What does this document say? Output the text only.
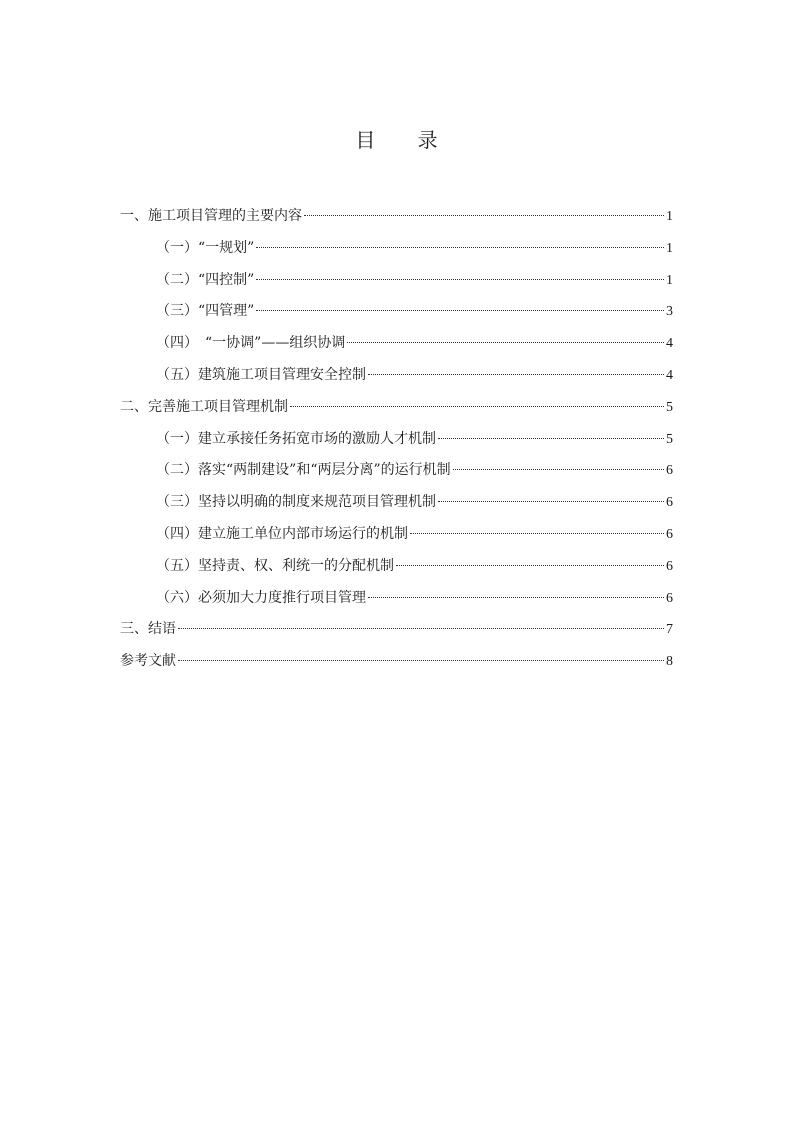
目 录
一、施工项目管理的主要内容	1
（一）“一规划”	1
（二）“四控制”	1
（三）“四管理”	3
（四）　“一协调”——组织协调	4
（五）建筑施工项目管理安全控制	4
二、完善施工项目管理机制	5
（一）建立承接任务拓宽市场的激励人才机制	5
（二）落实“两制建设”和“两层分离”的运行机制	6
（三）坚持以明确的制度来规范项目管理机制	6
（四）建立施工单位内部市场运行的机制	6
（五）坚持责、权、利统一的分配机制	6
（六）必须加大力度推行项目管理	6
三、结语	7
参考文献	8
